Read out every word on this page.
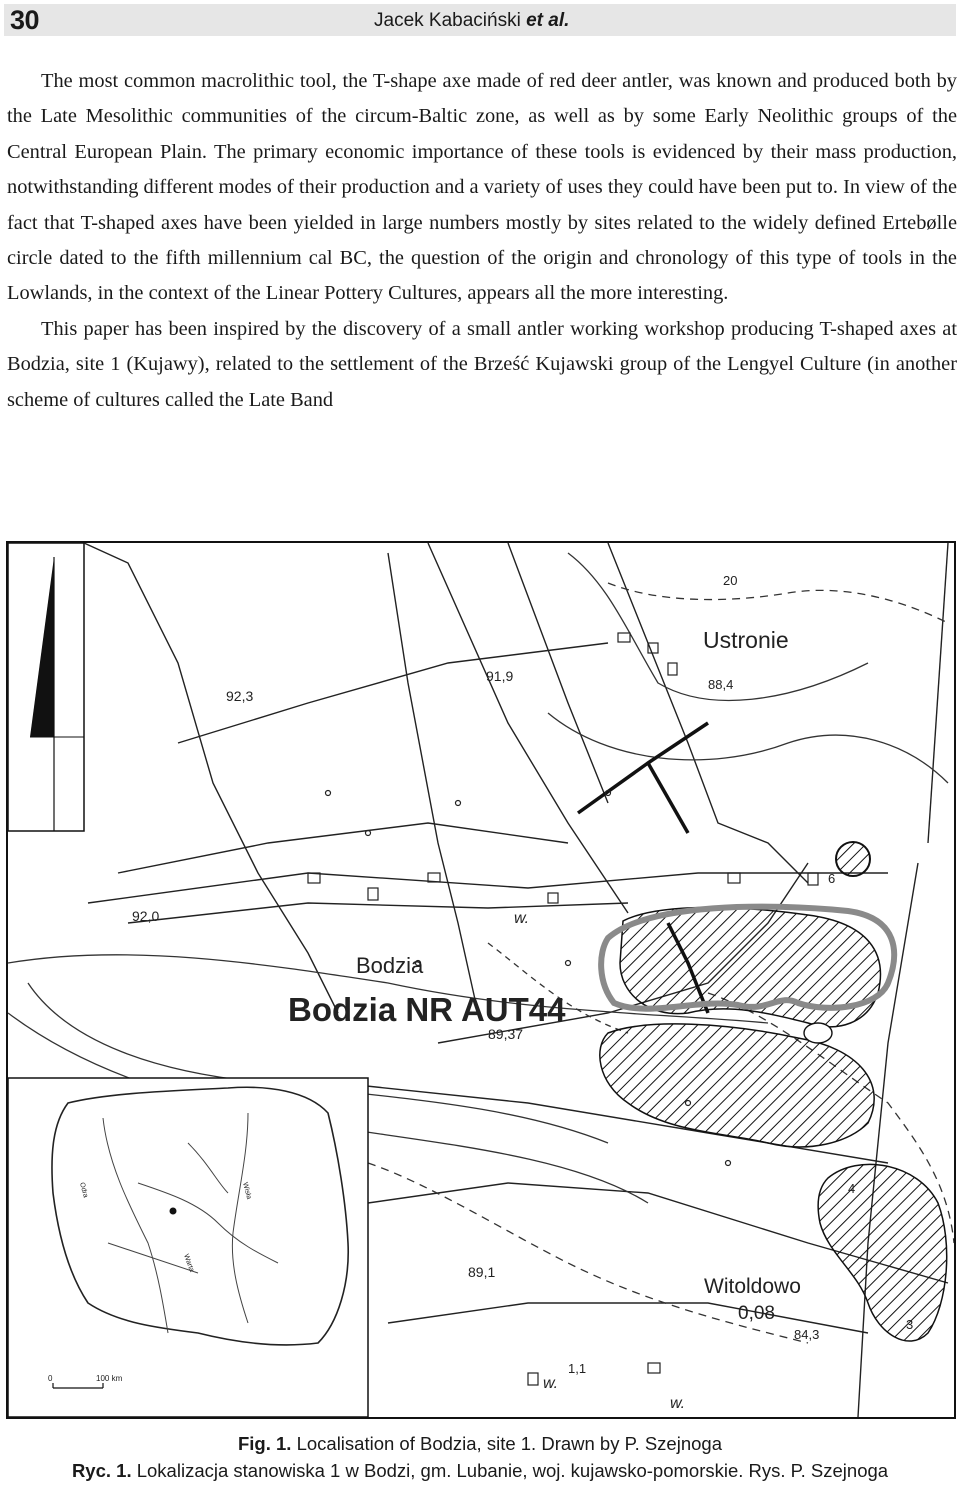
30	Jacek Kabaciński et al.

The most common macrolithic tool, the T-shape axe made of red deer antler, was known and produced both by the Late Mesolithic communities of the circum-Baltic zone, as well as by some Early Neolithic groups of the Central European Plain. The primary economic importance of these tools is evidenced by their mass production, notwithstanding different modes of their production and a variety of uses they could have been put to. In view of the fact that T-shaped axes have been yielded in large numbers mostly by sites related to the widely defined Ertebølle circle dated to the fifth millennium cal BC, the question of the origin and chronology of this type of tools in the Lowlands, in the context of the Linear Pottery Cultures, appears all the more interesting.

This paper has been inspired by the discovery of a small antler working workshop producing T-shaped axes at Bodzia, site 1 (Kujawy), related to the settlement of the Brześć Kujawski group of the Lengyel Culture (in another scheme of cultures called the Late Band

0	100 km
Odra
Warta
Wisła
Ustronie
Bodzia
Witoldowo
Bodzia NR AUT44
91,9
92,3
88,4
92,0
89,37
89,1
84,3
1,1
20
w.
0,08
3
4
6
w.
w.
Fig. 1. Localisation of Bodzia, site 1. Drawn by P. Szejnoga
Ryc. 1. Lokalizacja stanowiska 1 w Bodzi, gm. Lubanie, woj. kujawsko-pomorskie. Rys. P. Szejnoga
